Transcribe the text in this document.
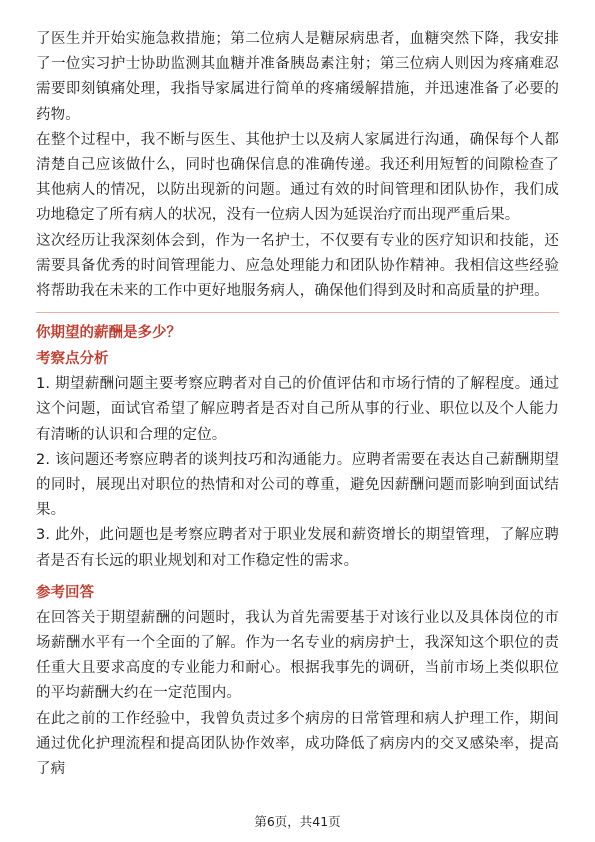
了医生并开始实施急救措施；第二位病人是糖尿病患者，血糖突然下降，我安排了一位实习护士协助监测其血糖并准备胰岛素注射；第三位病人则因为疼痛难忍需要即刻镇痛处理，我指导家属进行简单的疼痛缓解措施，并迅速准备了必要的药物。

在整个过程中，我不断与医生、其他护士以及病人家属进行沟通，确保每个人都清楚自己应该做什么，同时也确保信息的准确传递。我还利用短暂的间隙检查了其他病人的情况，以防出现新的问题。通过有效的时间管理和团队协作，我们成功地稳定了所有病人的状况，没有一位病人因为延误治疗而出现严重后果。

这次经历让我深刻体会到，作为一名护士，不仅要有专业的医疗知识和技能，还需要具备优秀的时间管理能力、应急处理能力和团队协作精神。我相信这些经验将帮助我在未来的工作中更好地服务病人，确保他们得到及时和高质量的护理。

你期望的薪酬是多少？
考察点分析

1. 期望薪酬问题主要考察应聘者对自己的价值评估和市场行情的了解程度。通过这个问题，面试官希望了解应聘者是否对自己所从事的行业、职位以及个人能力有清晰的认识和合理的定位。

2. 该问题还考察应聘者的谈判技巧和沟通能力。应聘者需要在表达自己薪酬期望的同时，展现出对职位的热情和对公司的尊重，避免因薪酬问题而影响到面试结果。

3. 此外，此问题也是考察应聘者对于职业发展和薪资增长的期望管理，了解应聘者是否有长远的职业规划和对工作稳定性的需求。

参考回答

在回答关于期望薪酬的问题时，我认为首先需要基于对该行业以及具体岗位的市场薪酬水平有一个全面的了解。作为一名专业的病房护士，我深知这个职位的责任重大且要求高度的专业能力和耐心。根据我事先的调研，当前市场上类似职位的平均薪酬大约在一定范围内。

在此之前的工作经验中，我曾负责过多个病房的日常管理和病人护理工作，期间通过优化护理流程和提高团队协作效率，成功降低了病房内的交叉感染率，提高了病

第6页，共41页
